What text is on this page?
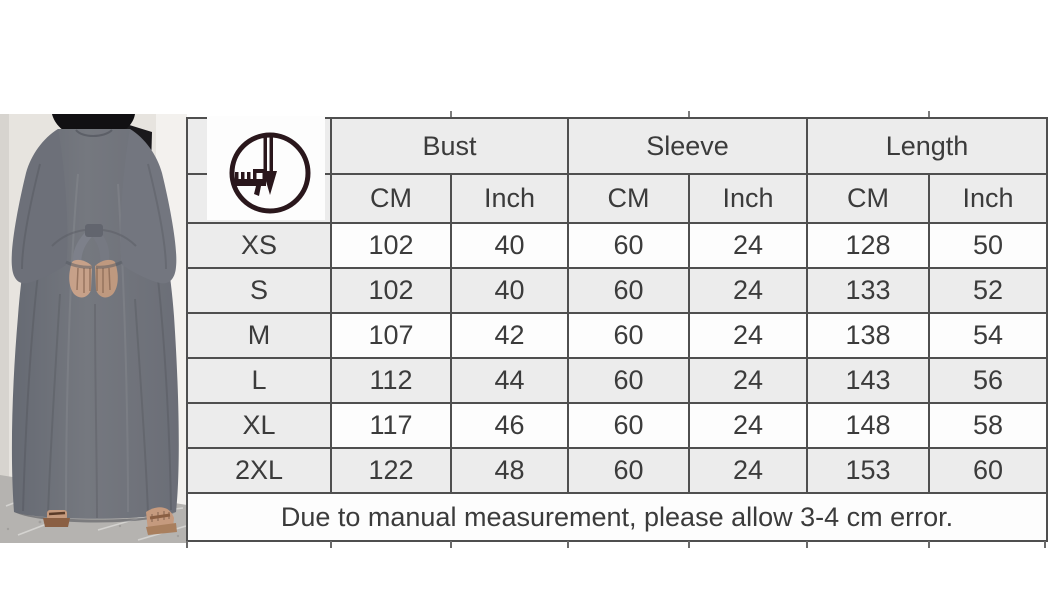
	Bust		Sleeve		Length	
	CM	Inch	CM	Inch	CM	Inch
XS	102	40	60	24	128	50
S	102	40	60	24	133	52
M	107	42	60	24	138	54
L	112	44	60	24	143	56
XL	117	46	60	24	148	58
2XL	122	48	60	24	153	60
Due to manual measurement, please allow 3-4 cm error.						
